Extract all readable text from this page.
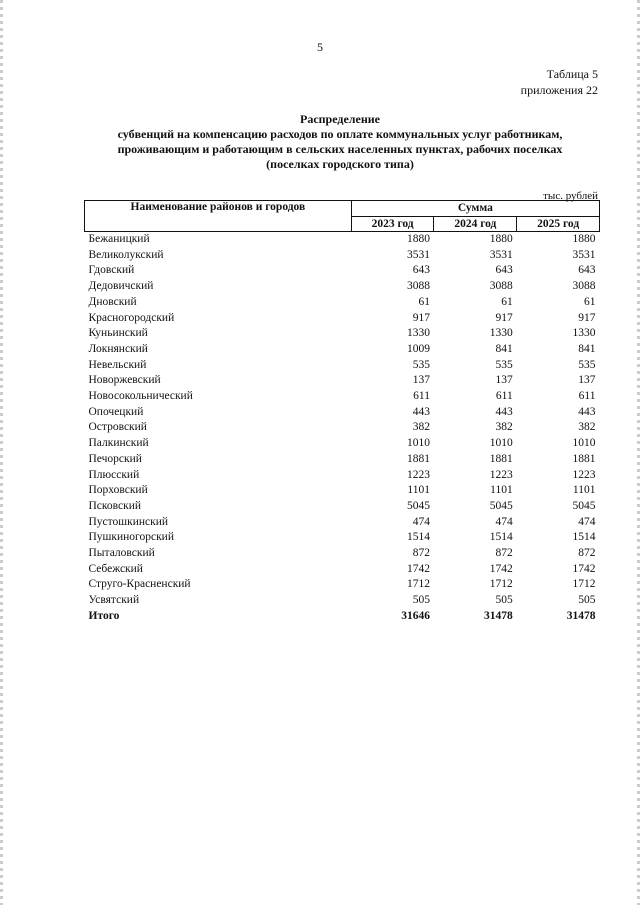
5
Таблица 5
приложения 22
Распределение
субвенций на компенсацию расходов по оплате коммунальных услуг работникам,
проживающим и работающим в сельских населенных пунктах, рабочих поселках
(поселках городского типа)
тыс. рублей
Наименование районов и городов	Сумма		
	2023 год	2024 год	2025 год
Бежаницкий	1880	1880	1880
Великолукский	3531	3531	3531
Гдовский	643	643	643
Дедовичский	3088	3088	3088
Дновский	61	61	61
Красногородский	917	917	917
Куньинский	1330	1330	1330
Локнянский	1009	841	841
Невельский	535	535	535
Новоржевский	137	137	137
Новосокольнический	611	611	611
Опочецкий	443	443	443
Островский	382	382	382
Палкинский	1010	1010	1010
Печорский	1881	1881	1881
Плюсский	1223	1223	1223
Порховский	1101	1101	1101
Псковский	5045	5045	5045
Пустошкинский	474	474	474
Пушкиногорский	1514	1514	1514
Пыталовский	872	872	872
Себежский	1742	1742	1742
Струго-Красненский	1712	1712	1712
Усвятский	505	505	505
Итого	31646	31478	31478
